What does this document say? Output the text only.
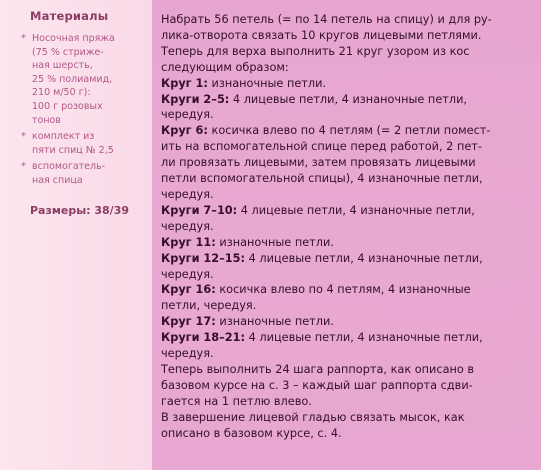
Материалы
* Носочная пряжа
(75 % стриже-
ная шерсть,
25 % полиамид,
210 м/50 г):
100 г розовых
тонов
* комплект из
пяти спиц № 2,5
* вспомогатель-
ная спица
Размеры: 38/39
Набрать 56 петель (= по 14 петель на спицу) и для ру-
лика-отворота связать 10 кругов лицевыми петлями.
Теперь для верха выполнить 21 круг узором из кос
следующим образом:
Круг 1: изнаночные петли.
Круги 2–5: 4 лицевые петли, 4 изнаночные петли,
чередуя.
Круг 6: косичка влево по 4 петлям (= 2 петли помест-
ить на вспомогательной спице перед работой, 2 пет-
ли провязать лицевыми, затем провязать лицевыми
петли вспомогательной спицы), 4 изнаночные петли,
чередуя.
Круги 7–10: 4 лицевые петли, 4 изнаночные петли,
чередуя.
Круг 11: изнаночные петли.
Круги 12–15: 4 лицевые петли, 4 изнаночные петли,
чередуя.
Круг 16: косичка влево по 4 петлям, 4 изнаночные
петли, чередуя.
Круг 17: изнаночные петли.
Круги 18–21: 4 лицевые петли, 4 изнаночные петли,
чередуя.
Теперь выполнить 24 шага раппорта, как описано в
базовом курсе на с. 3 – каждый шаг раппорта сдви-
гается на 1 петлю влево.
В завершение лицевой гладью связать мысок, как
описано в базовом курсе, с. 4.
